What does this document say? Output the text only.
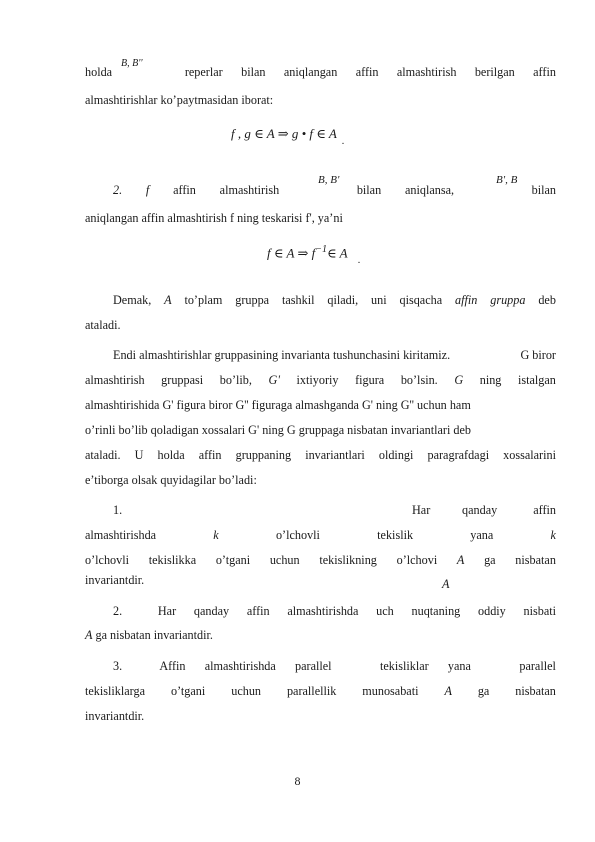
holda	reperlar bilan aniqlangan affin almashtirish berilgan affin
B, B''
almashtirishlar ko’paytmasidan iborat:
f , g ∈ A ⇒ g • f ∈ A
.
2. f affin almashtirish	bilan aniqlansa,	bilan
B, B'	B', B
aniqlangan affin almashtirish f ning teskarisi f', ya’ni
f ∈ A ⇒ $f^{-1}\in$ A
.
Demak, A to’plam gruppa tashkil qiladi, uni qisqacha affin gruppa deb
ataladi.
Endi almashtirishlar gruppasining invarianta tushunchasini kiritamiz.	G biror
almashtirish gruppasi bo’lib, G' ixtiyoriy figura bo’lsin. G ning istalgan
almashtirishida G' figura biror G'' figuraga almashganda G' ning G'' uchun ham
o’rinli bo’lib qoladigan xossalari G' ning G gruppaga nisbatan invariantlari deb
ataladi. U holda affin gruppaning invariantlari oldingi paragrafdagi xossalarini
e’tiborga olsak quyidagilar bo’ladi:
1.	Har	qanday	affin
almashtirishda	k	o’lchovli	tekislik	yana	k
o’lchovli tekislikka o’tgani uchun tekislikning o’lchovi A ga nisbatan
invariantdir.	A
2.	Har qanday affin almashtirishda uch nuqtaning oddiy nisbati
A ga nisbatan invariantdir.
3.	Affin almashtirishda parallel	tekisliklar yana	parallel
tekisliklarga o’tgani uchun parallellik munosabati A ga nisbatan
invariantdir.
8
